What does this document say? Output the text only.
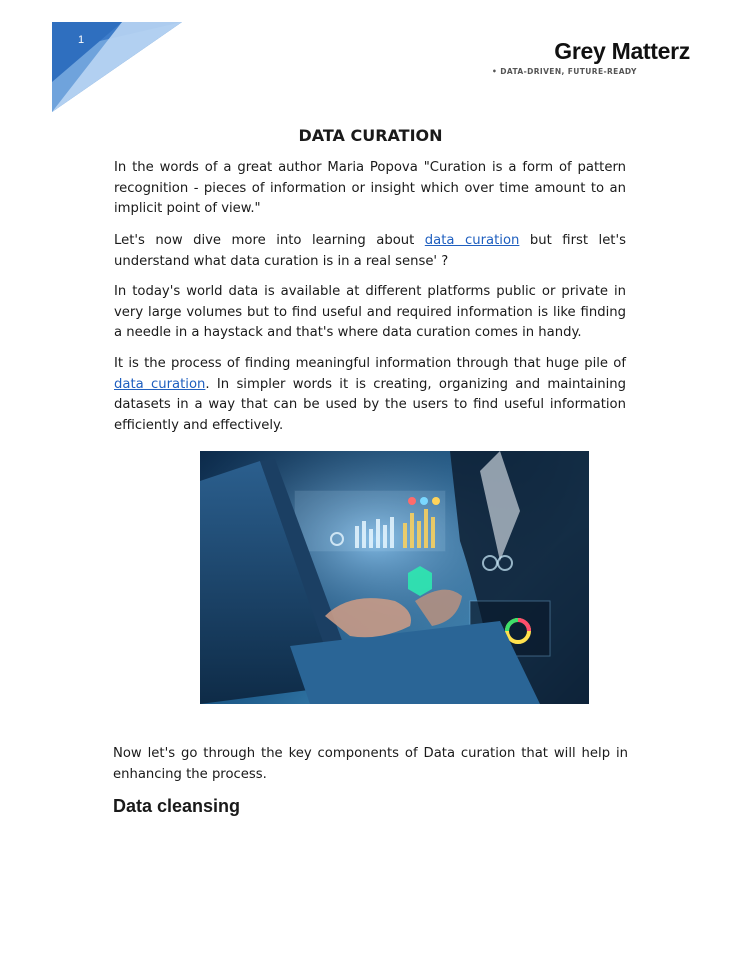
1	Grey Matterz
• DATA-DRIVEN, FUTURE-READY
DATA CURATION

In the words of a great author Maria Popova "Curation is a form of pattern recognition - pieces of information or insight which over time amount to an implicit point of view."

Let's now dive more into learning about data curation but first let's understand what data curation is in a real sense' ?

In today's world data is available at different platforms public or private in very large volumes but to find useful and required information is like finding a needle in a haystack and that's where data curation comes in handy.

It is the process of finding meaningful information through that huge pile of data curation. In simpler words it is creating, organizing and maintaining datasets in a way that can be used by the users to find useful information efficiently and effectively.

Now let's go through the key components of Data curation that will help in enhancing the process.

Data cleansing
